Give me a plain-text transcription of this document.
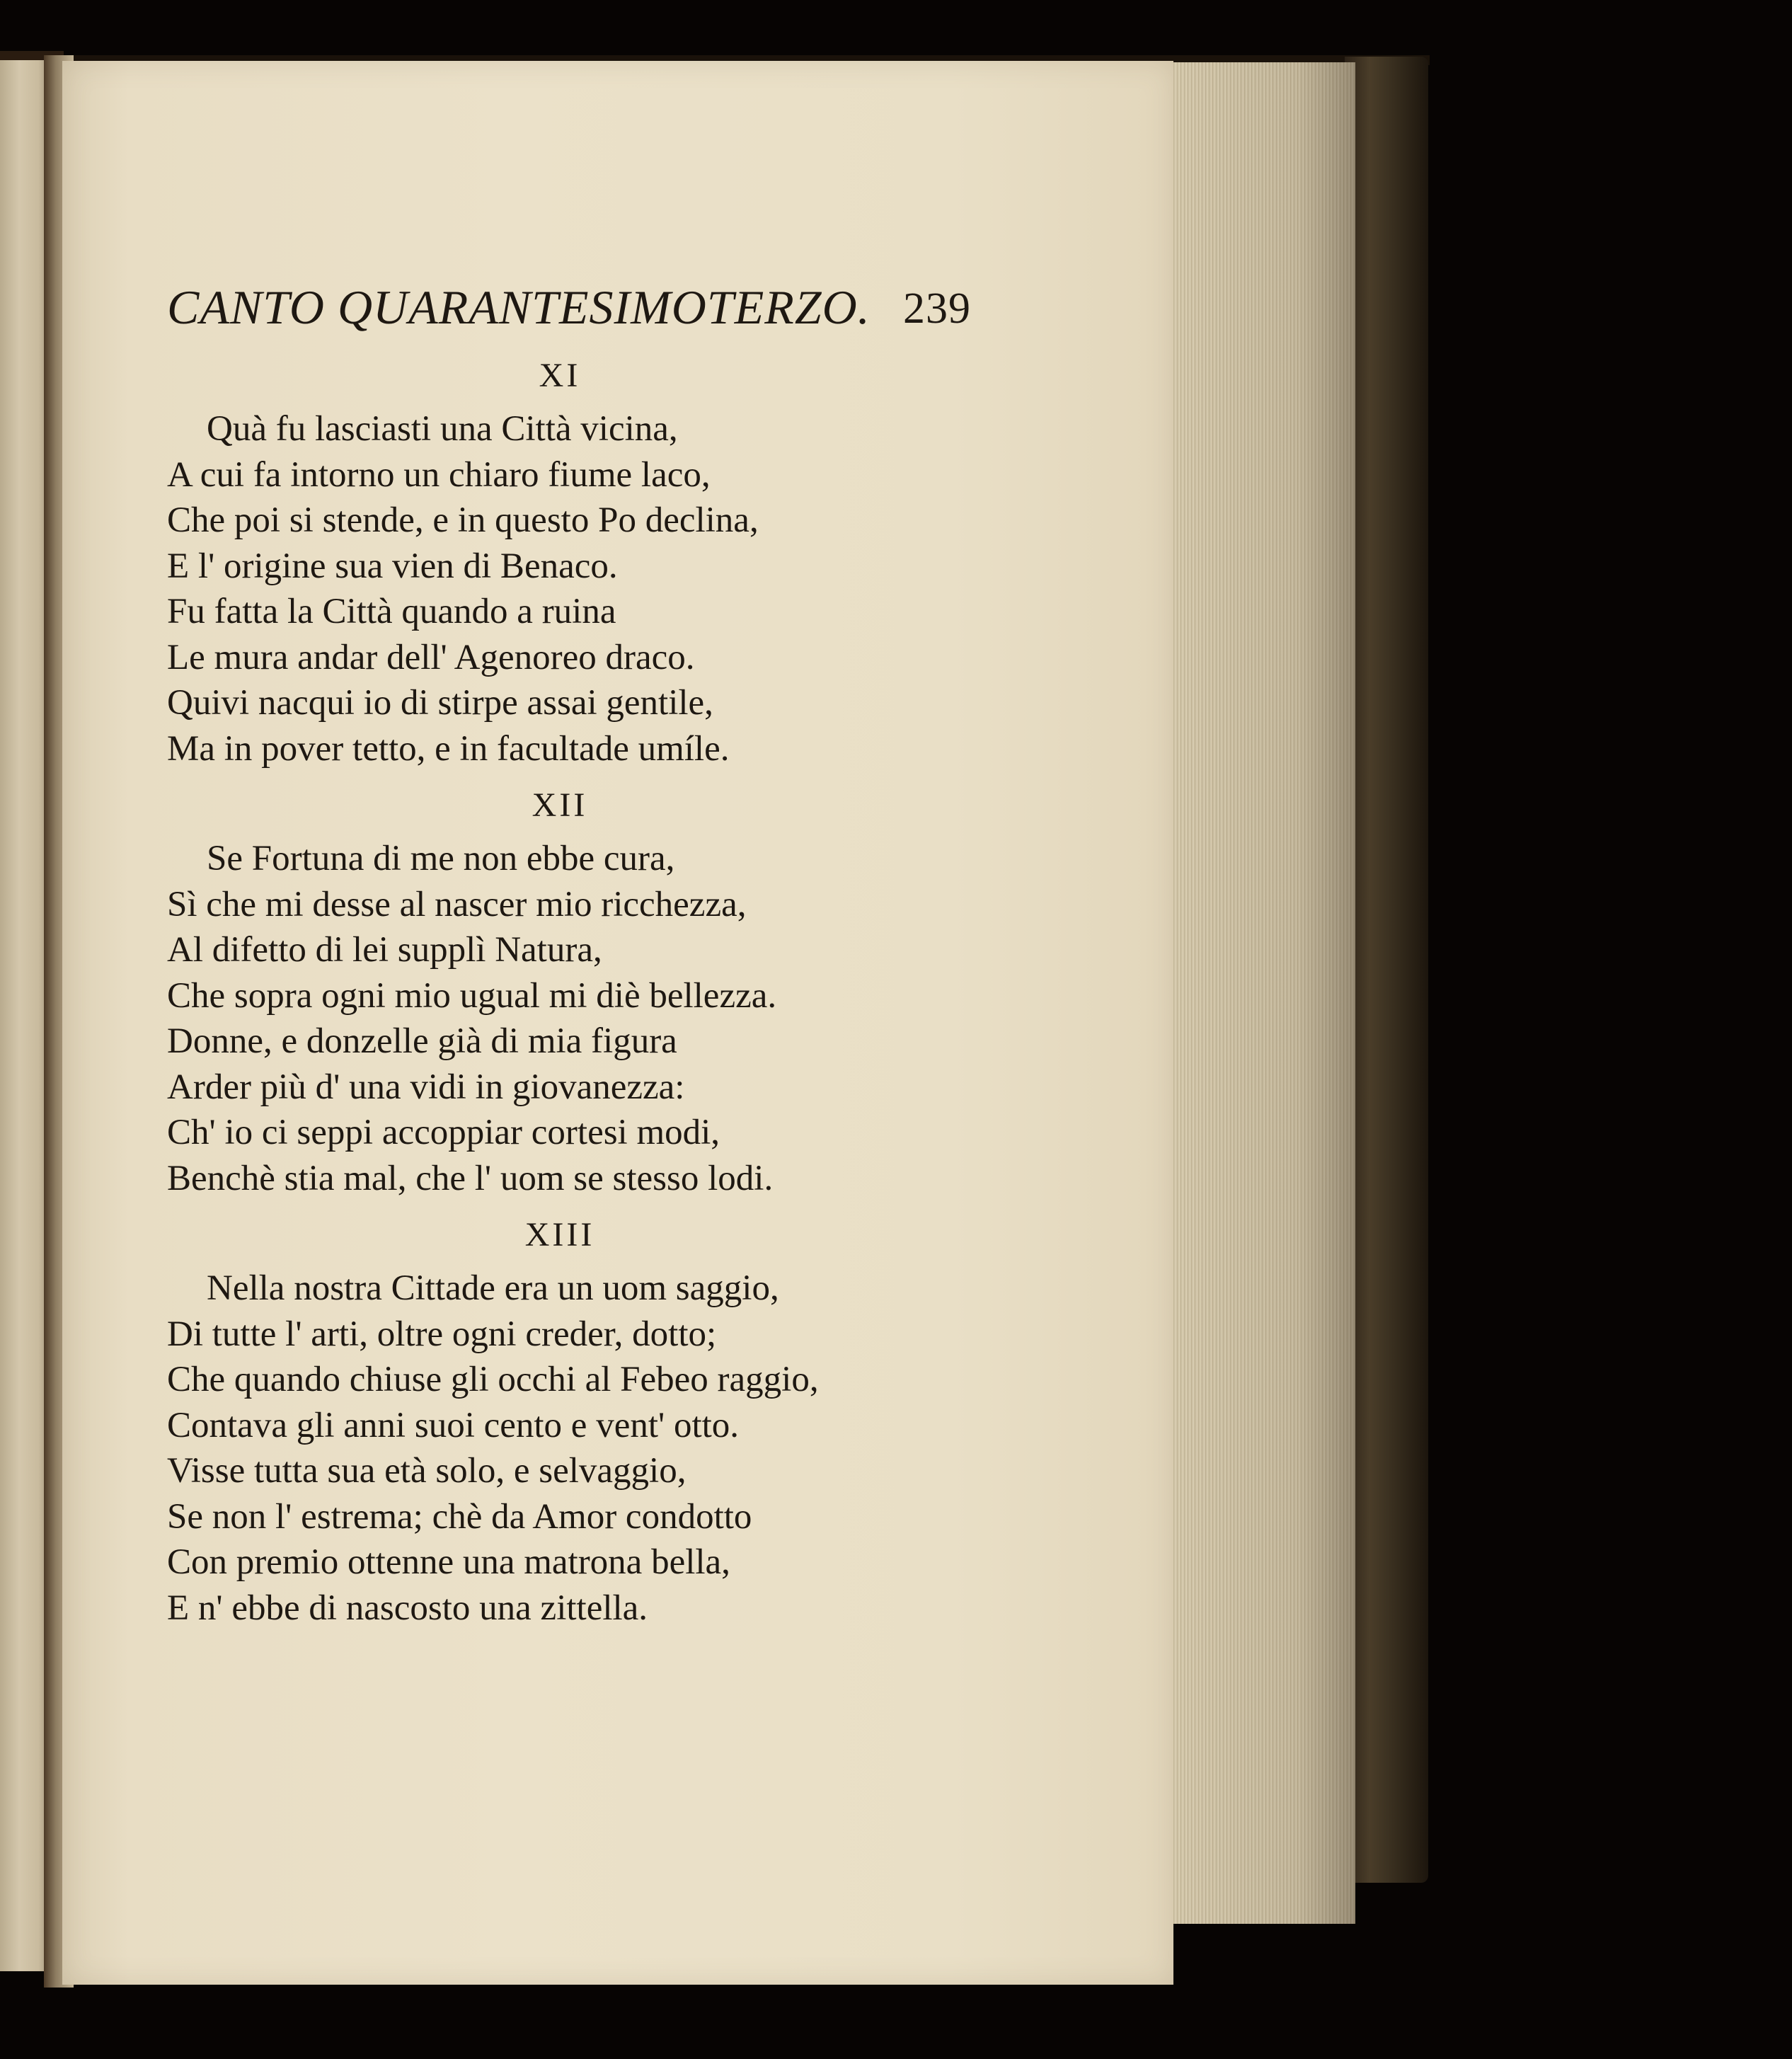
CANTO QUARANTESIMOTERZO. 239
XI
Quà fu lasciasti una Città vicina,
A cui fa intorno un chiaro fiume laco,
Che poi si stende, e in questo Po declina,
E l' origine sua vien di Benaco.
Fu fatta la Città quando a ruina
Le mura andar dell' Agenoreo draco.
Quivi nacqui io di stirpe assai gentile,
Ma in pover tetto, e in facultade umíle.
XII
Se Fortuna di me non ebbe cura,
Sì che mi desse al nascer mio ricchezza,
Al difetto di lei supplì Natura,
Che sopra ogni mio ugual mi diè bellezza.
Donne, e donzelle già di mia figura
Arder più d' una vidi in giovanezza:
Ch' io ci seppi accoppiar cortesi modi,
Benchè stia mal, che l' uom se stesso lodi.
XIII
Nella nostra Cittade era un uom saggio,
Di tutte l' arti, oltre ogni creder, dotto;
Che quando chiuse gli occhi al Febeo raggio,
Contava gli anni suoi cento e vent' otto.
Visse tutta sua età solo, e selvaggio,
Se non l' estrema; chè da Amor condotto
Con premio ottenne una matrona bella,
E n' ebbe di nascosto una zittella.
